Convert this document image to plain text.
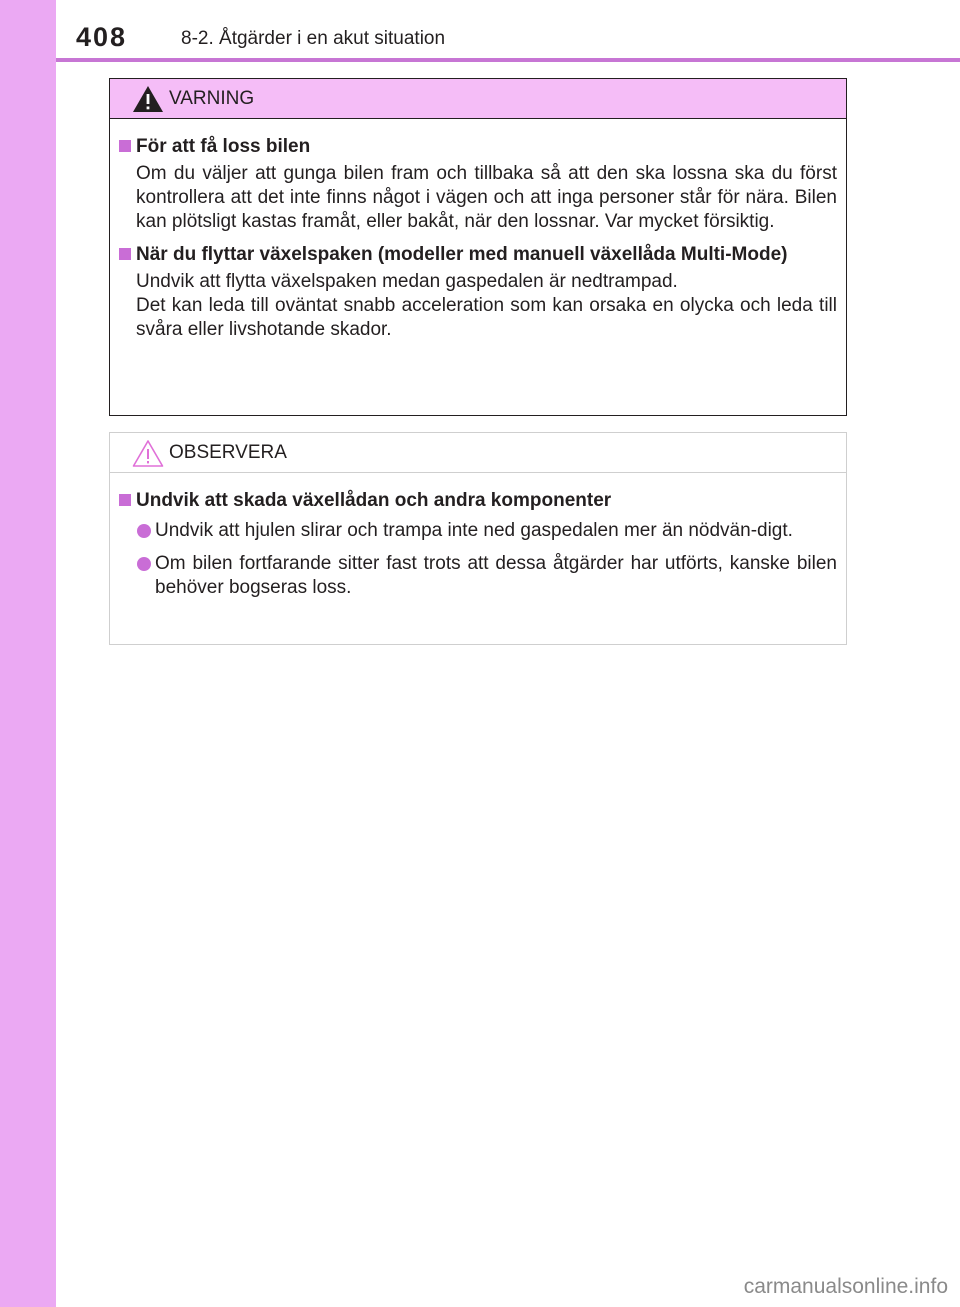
408	8-2. Åtgärder i en akut situation
VARNING
För att få loss bilen
Om du väljer att gunga bilen fram och tillbaka så att den ska lossna ska du först kontrollera att det inte finns något i vägen och att inga personer står för nära. Bilen kan plötsligt kastas framåt, eller bakåt, när den lossnar. Var mycket försiktig.
När du flyttar växelspaken (modeller med manuell växellåda Multi-Mode)
Undvik att flytta växelspaken medan gaspedalen är nedtrampad.
Det kan leda till oväntat snabb acceleration som kan orsaka en olycka och leda till svåra eller livshotande skador.
OBSERVERA
Undvik att skada växellådan och andra komponenter
Undvik att hjulen slirar och trampa inte ned gaspedalen mer än nödvän-digt.
Om bilen fortfarande sitter fast trots att dessa åtgärder har utförts, kanske bilen behöver bogseras loss.
carmanualsonline.info
